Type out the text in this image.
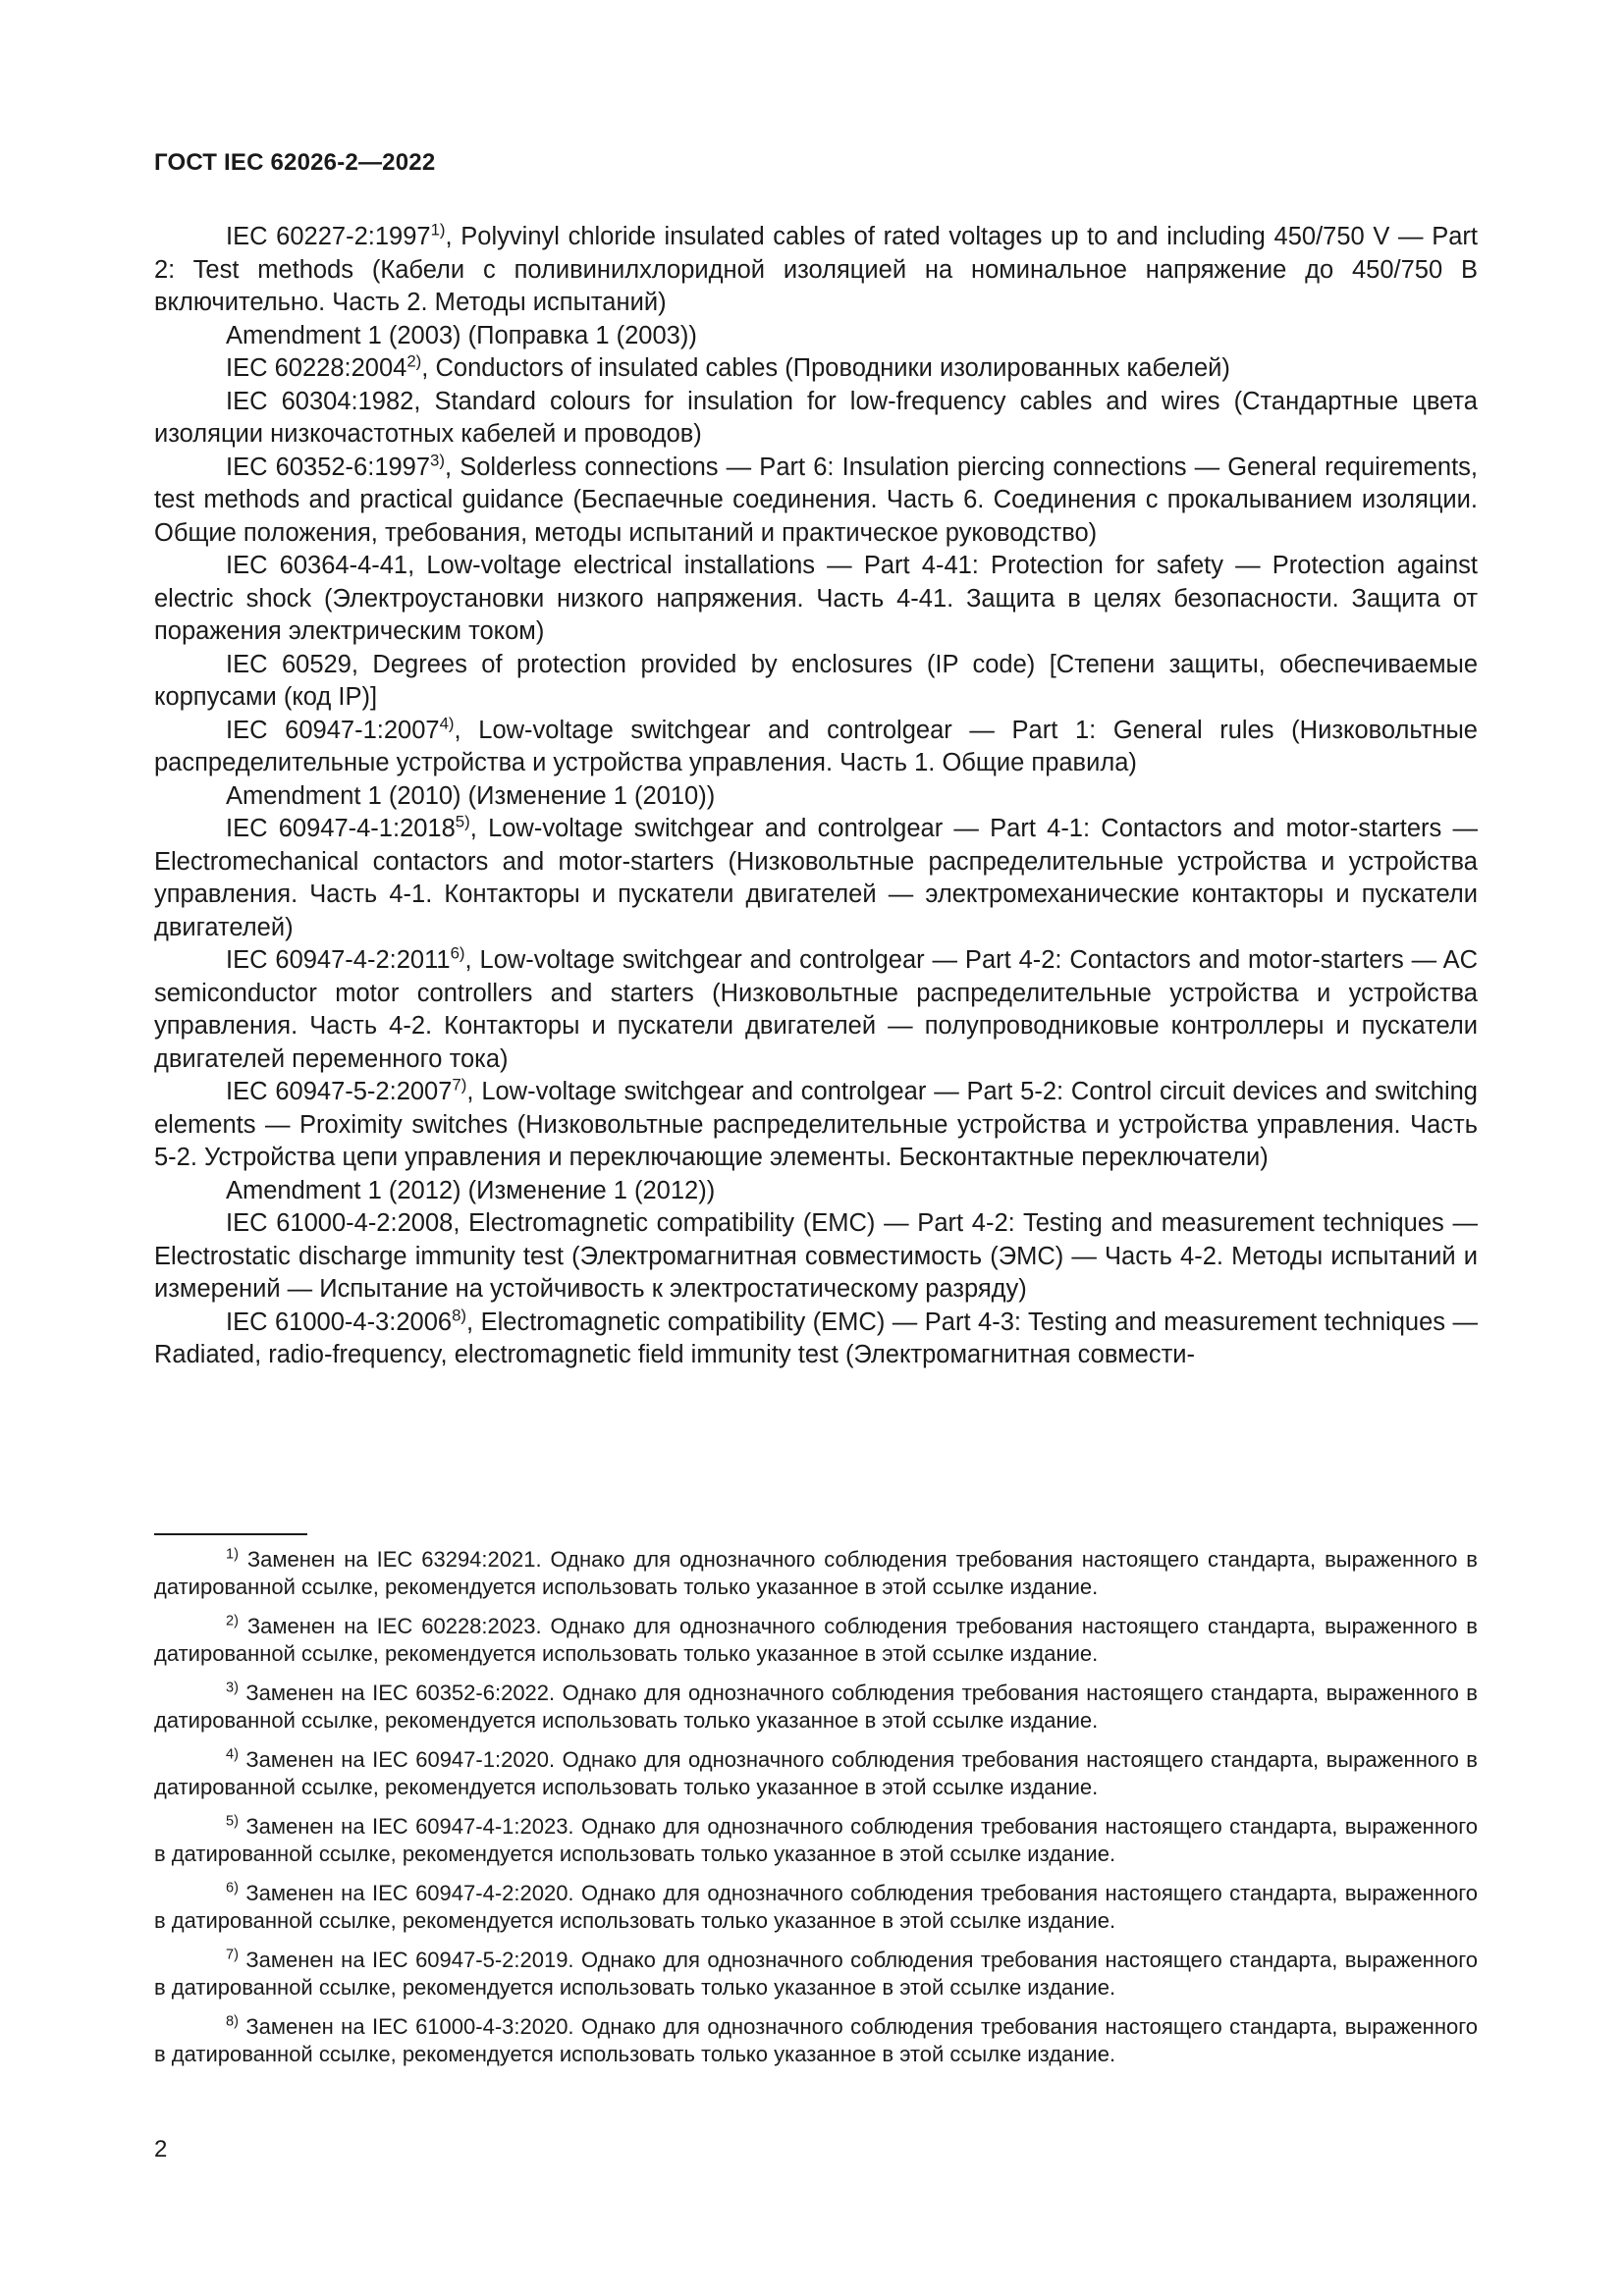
ГОСТ IEC 62026-2—2022

IEC 60227-2:1997$^{1)}$, Polyvinyl chloride insulated cables of rated voltages up to and including 450/750 V — Part 2: Test methods (Кабели с поливинилхлоридной изоляцией на номинальное напряжение до 450/750 В включительно. Часть 2. Методы испытаний)

Amendment 1 (2003) (Поправка 1 (2003))

IEC 60228:2004$^{2)}$, Conductors of insulated cables (Проводники изолированных кабелей)

IEC 60304:1982, Standard colours for insulation for low-frequency cables and wires (Стандартные цвета изоляции низкочастотных кабелей и проводов)

IEC 60352-6:1997$^{3)}$, Solderless connections — Part 6: Insulation piercing connections — General requirements, test methods and practical guidance (Беспаечные соединения. Часть 6. Соединения с прокалыванием изоляции. Общие положения, требования, методы испытаний и практическое руководство)

IEC 60364-4-41, Low-voltage electrical installations — Part 4-41: Protection for safety — Protection against electric shock (Электроустановки низкого напряжения. Часть 4-41. Защита в целях безопасности. Защита от поражения электрическим током)

IEC 60529, Degrees of protection provided by enclosures (IP code) [Степени защиты, обеспечиваемые корпусами (код IP)]

IEC 60947-1:2007$^{4)}$, Low-voltage switchgear and controlgear — Part 1: General rules (Низковольтные распределительные устройства и устройства управления. Часть 1. Общие правила)

Amendment 1 (2010) (Изменение 1 (2010))

IEC 60947-4-1:2018$^{5)}$, Low-voltage switchgear and controlgear — Part 4-1: Contactors and motor-starters — Electromechanical contactors and motor-starters (Низковольтные распределительные устройства и устройства управления. Часть 4-1. Контакторы и пускатели двигателей — электромеханические контакторы и пускатели двигателей)

IEC 60947-4-2:2011$^{6)}$, Low-voltage switchgear and controlgear — Part 4-2: Contactors and motor-starters — AC semiconductor motor controllers and starters (Низковольтные распределительные устройства и устройства управления. Часть 4-2. Контакторы и пускатели двигателей — полупроводниковые контроллеры и пускатели двигателей переменного тока)

IEC 60947-5-2:2007$^{7)}$, Low-voltage switchgear and controlgear — Part 5-2: Control circuit devices and switching elements — Proximity switches (Низковольтные распределительные устройства и устройства управления. Часть 5-2. Устройства цепи управления и переключающие элементы. Бесконтактные переключатели)

Amendment 1 (2012) (Изменение 1 (2012))

IEC 61000-4-2:2008, Electromagnetic compatibility (EMC) — Part 4-2: Testing and measurement techniques — Electrostatic discharge immunity test (Электромагнитная совместимость (ЭМС) — Часть 4-2. Методы испытаний и измерений — Испытание на устойчивость к электростатическому разряду)

IEC 61000-4-3:2006$^{8)}$, Electromagnetic compatibility (EMC) — Part 4-3: Testing and measurement techniques — Radiated, radio-frequency, electromagnetic field immunity test (Электромагнитная совмести-

$^{1)}$ Заменен на IEC 63294:2021. Однако для однозначного соблюдения требования настоящего стандарта, выраженного в датированной ссылке, рекомендуется использовать только указанное в этой ссылке издание.

$^{2)}$ Заменен на IEC 60228:2023. Однако для однозначного соблюдения требования настоящего стандарта, выраженного в датированной ссылке, рекомендуется использовать только указанное в этой ссылке издание.

$^{3)}$ Заменен на IEC 60352-6:2022. Однако для однозначного соблюдения требования настоящего стандарта, выраженного в датированной ссылке, рекомендуется использовать только указанное в этой ссылке издание.

$^{4)}$ Заменен на IEC 60947-1:2020. Однако для однозначного соблюдения требования настоящего стандарта, выраженного в датированной ссылке, рекомендуется использовать только указанное в этой ссылке издание.

$^{5)}$ Заменен на IEC 60947-4-1:2023. Однако для однозначного соблюдения требования настоящего стандарта, выраженного в датированной ссылке, рекомендуется использовать только указанное в этой ссылке издание.

$^{6)}$ Заменен на IEC 60947-4-2:2020. Однако для однозначного соблюдения требования настоящего стандарта, выраженного в датированной ссылке, рекомендуется использовать только указанное в этой ссылке издание.

$^{7)}$ Заменен на IEC 60947-5-2:2019. Однако для однозначного соблюдения требования настоящего стандарта, выраженного в датированной ссылке, рекомендуется использовать только указанное в этой ссылке издание.

$^{8)}$ Заменен на IEC 61000-4-3:2020. Однако для однозначного соблюдения требования настоящего стандарта, выраженного в датированной ссылке, рекомендуется использовать только указанное в этой ссылке издание.

2
